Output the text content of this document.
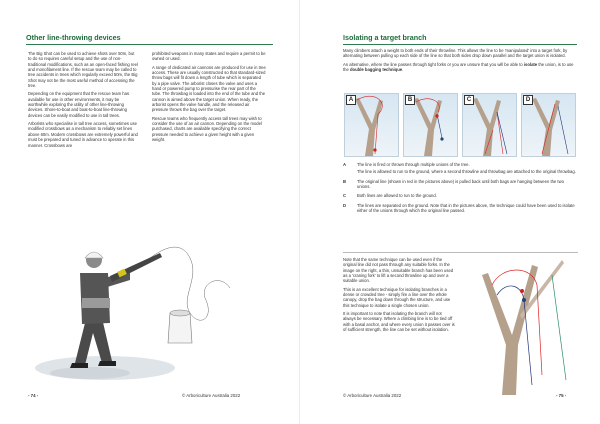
Other line-throwing devices

The Big Shot can be used to achieve shots over 50m, but to do so requires careful setup and the use of non-traditional modifications, such as an open-faced fishing reel and monofilament line. If the rescue team may be called to tree accidents in trees which regularly exceed 50m, the Big Shot may not be the most useful method of accessing the tree.

Depending on the equipment that the rescue team has available for use in other environments, it may be worthwhile exploring the utility of other line-throwing devices. Shore-to-boat and boat-to-boat line-throwing devices can be easily modified to use in tall trees.

Arborists who specialise in tall tree access, sometimes use modified crossbows as a mechanism to reliably set lines above 60m. Modern crossbows are extremely powerful and must be prepared and tuned in advance to operate in this manner. Crossbows are

prohibited weapons in many states and require a permit to be owned or used.

A range of dedicated air cannons are produced for use in tree access. These are usually constructed so that standard-sized throw bags will fit down a length of tube which is separated by a pipe valve. The arborist closes the valve and uses a hand or powered pump to pressurise the rear part of the tube. The throwbag is loaded into the end of the tube and the cannon is aimed above the target union. When ready, the arborist opens the valve handle, and the released air pressure throws the bag over the target.

Rescue teams who frequently access tall trees may wish to consider the use of an air cannon. Depending on the model purchased, charts are available specifying the correct pressure needed to achieve a given height with a given weight.

- 74 -	© Arboriculture Australia 2022
Isolating a target branch

Many climbers attach a weight to both ends of their throwline. This allows the line to be 'manipulated' into a target fork, by alternating between pulling up each side of the line so that both sides drop down parallel and the target union is isolated.

An alternative, where the line passes through tight forks or you are unsure that you will be able to isolate the union, is to use the double bagging technique.

A	B	C	D
A	The line is fired or thrown through multiple unions of the tree.

The line is allowed to run to the ground, where a second throwline and throwbag are attached to the original throwbag.

B	The original line (shown in red in the pictures above) is pulled back until both bags are hanging between the two unions.

C	Both lines are allowed to run to the ground.

D	The lines are separated on the ground. Note that in the pictures above, the technique could have been used to isolate either of the unions through which the original line passed.

Note that the same technique can be used even if the original line did not pass through any suitable forks. In the image on the right, a thin, unsuitable branch has been used as a 'craning fork' to lift a second throwline up and over a suitable union.

This is an excellent technique for isolating branches in a dense or crowded tree - simply fire a line over the whole canopy, drop the bag down through the structure, and use this technique to isolate a single chosen union.

It is important to note that isolating the branch will not always be necessary. Where a climbing line is to be tied off with a basal anchor, and where every union it passes over is of sufficient strength, the line can be set without isolation.

© Arboriculture Australia 2022	- 75 -
